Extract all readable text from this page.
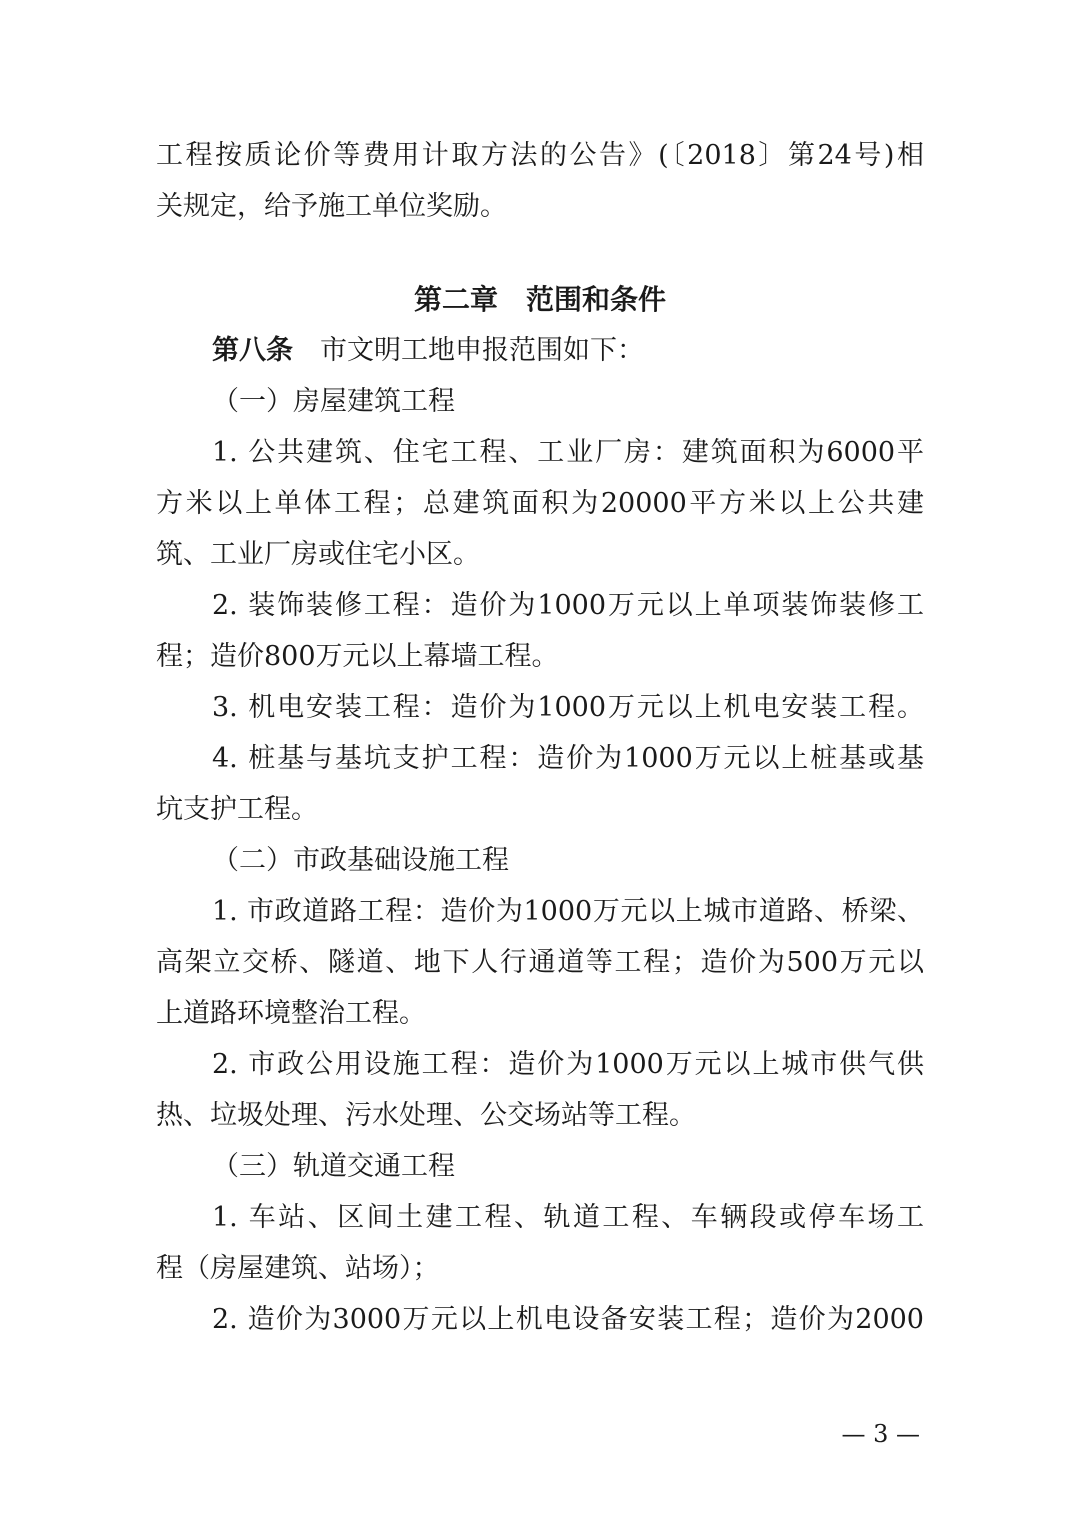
工程按质论价等费用计取方法的公告》(〔2018〕第24号)相
关规定，给予施工单位奖励。
第二章　范围和条件
第八条　市文明工地申报范围如下：
（一）房屋建筑工程
1. 公共建筑、住宅工程、工业厂房：建筑面积为6000平
方米以上单体工程；总建筑面积为20000平方米以上公共建
筑、工业厂房或住宅小区。
2. 装饰装修工程：造价为1000万元以上单项装饰装修工
程；造价800万元以上幕墙工程。
3. 机电安装工程：造价为1000万元以上机电安装工程。
4. 桩基与基坑支护工程：造价为1000万元以上桩基或基
坑支护工程。
（二）市政基础设施工程
1. 市政道路工程：造价为1000万元以上城市道路、桥梁、
高架立交桥、隧道、地下人行通道等工程；造价为500万元以
上道路环境整治工程。
2. 市政公用设施工程：造价为1000万元以上城市供气供
热、垃圾处理、污水处理、公交场站等工程。
（三）轨道交通工程
1. 车站、区间土建工程、轨道工程、车辆段或停车场工
程（房屋建筑、站场）；
2. 造价为3000万元以上机电设备安装工程；造价为2000
— 3 —
